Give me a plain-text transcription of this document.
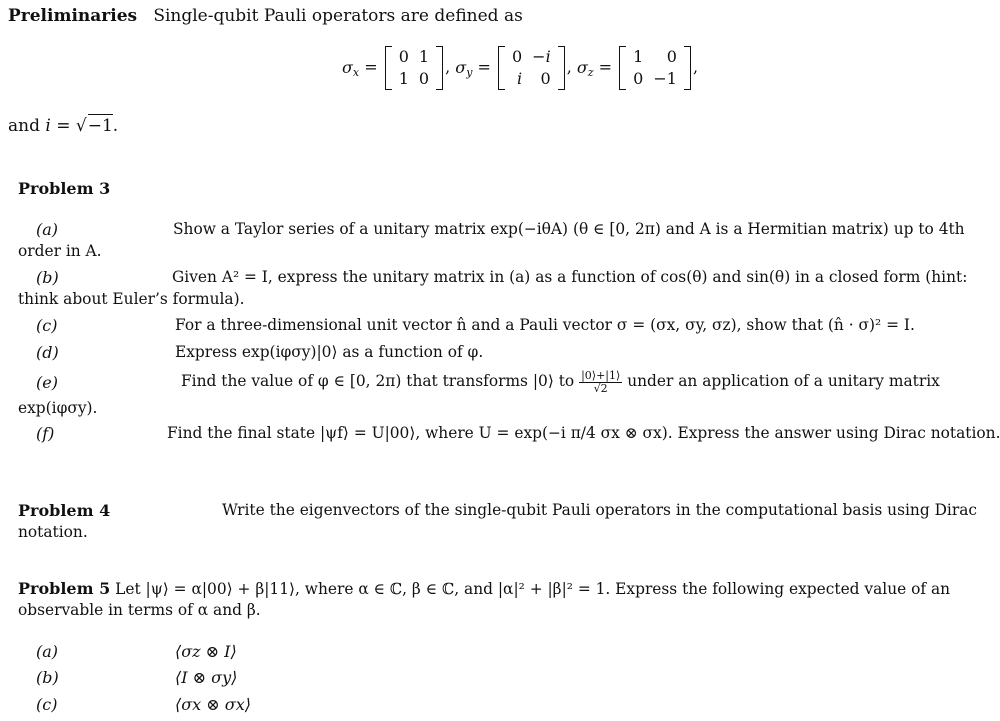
Preliminaries Single-qubit Pauli operators are defined as
$\sigma_x$ =
0	1
1	0
, $\sigma_y$ =
0	−i
i	0
, $\sigma_z$ =
1	0
0	−1
,
and i = √−1.
Problem 3
(a)	Show a Taylor series of a unitary matrix exp(−iθA) (θ ∈ [0, 2π) and A is a Hermitian matrix) up to 4th
order in A.
(b)	Given A² = I, express the unitary matrix in (a) as a function of cos(θ) and sin(θ) in a closed form (hint:
think about Euler’s formula).
(c)	For a three-dimensional unit vector n̂ and a Pauli vector σ = (σx, σy, σz), show that (n̂ · σ)² = I.
(d)	Express exp(iφσy)|0⟩ as a function of φ.
(e)	Find the value of φ ∈ [0, 2π) that transforms |0⟩ to $\frac{|0⟩+|1⟩}{√2}$ under an application of a unitary matrix
exp(iφσy).
(f)	Find the final state |ψf⟩ = U|00⟩, where U = exp(−i π/4 σx ⊗ σx). Express the answer using Dirac notation.
Problem 4	Write the eigenvectors of the single-qubit Pauli operators in the computational basis using Dirac
notation.
Problem 5 Let |ψ⟩ = α|00⟩ + β|11⟩, where α ∈ ℂ, β ∈ ℂ, and |α|² + |β|² = 1. Express the following expected value of an
observable in terms of α and β.
(a)	⟨σz ⊗ I⟩
(b)	⟨I ⊗ σy⟩
(c)	⟨σx ⊗ σx⟩
